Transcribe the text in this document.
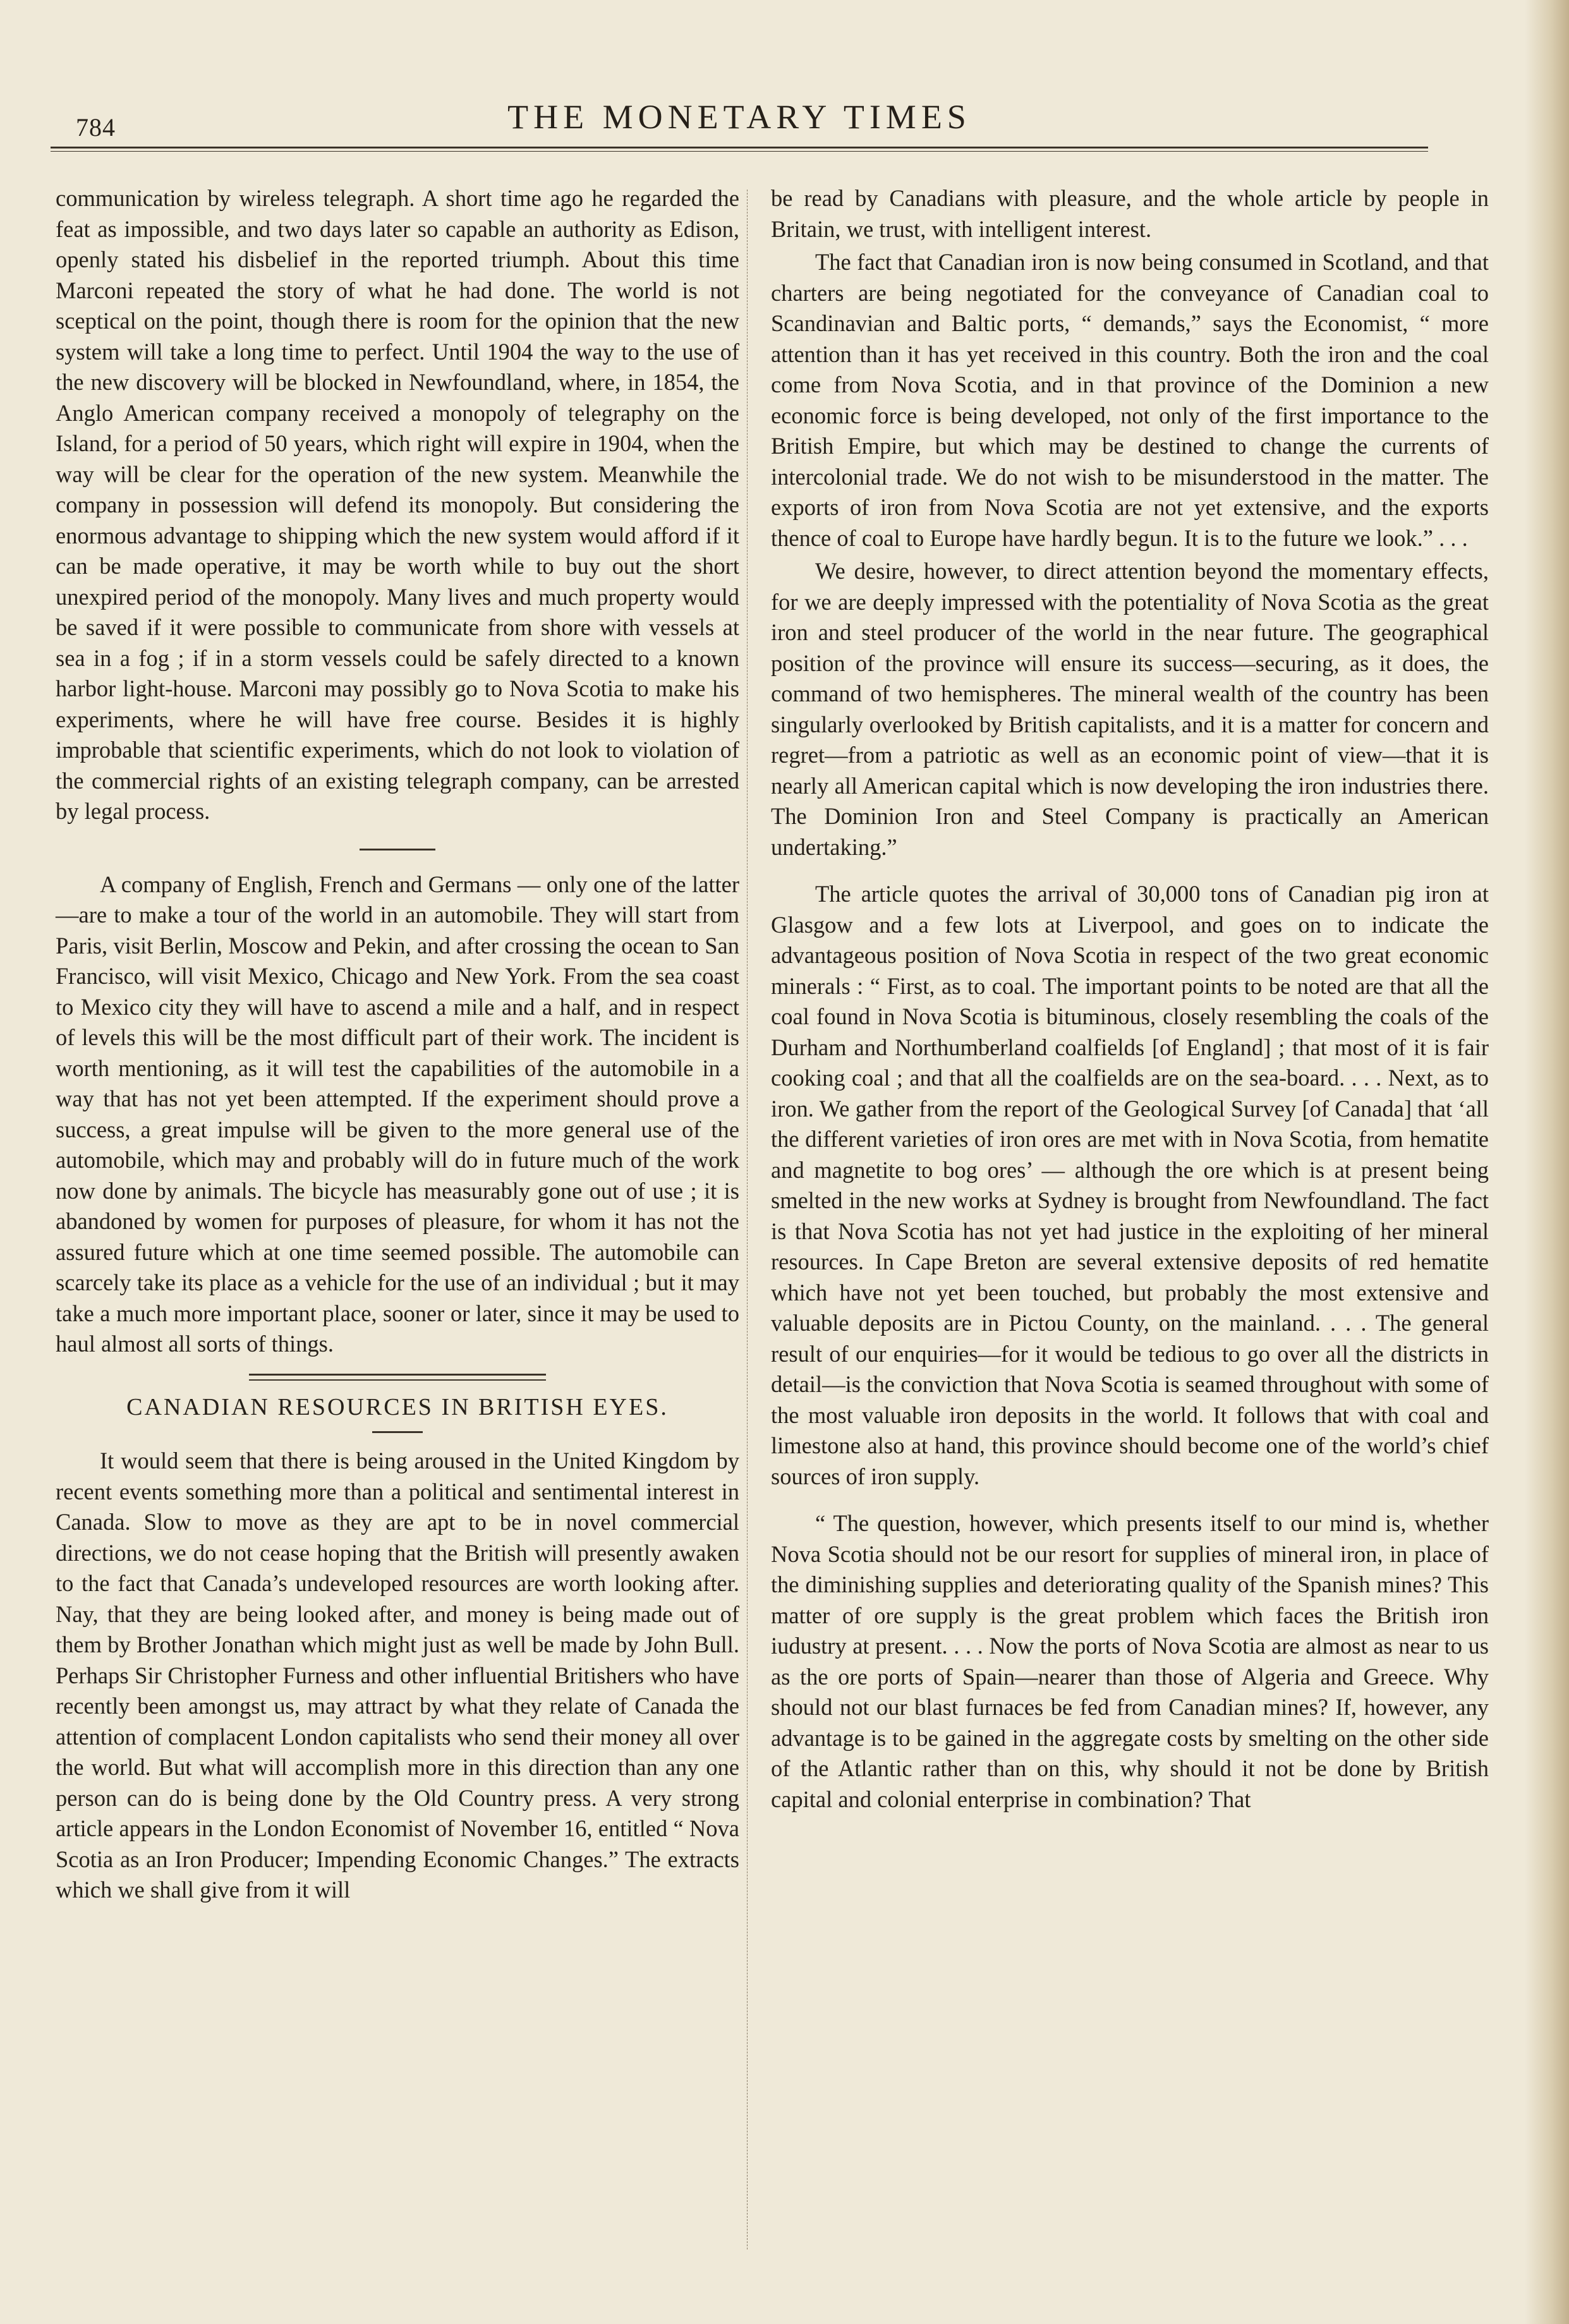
784	THE MONETARY TIMES

communication by wireless telegraph. A short time ago he regarded the feat as impossible, and two days later so capable an authority as Edison, openly stated his disbelief in the reported triumph. About this time Marconi repeated the story of what he had done. The world is not sceptical on the point, though there is room for the opinion that the new system will take a long time to perfect. Until 1904 the way to the use of the new discovery will be blocked in Newfoundland, where, in 1854, the Anglo American company received a monopoly of telegraphy on the Island, for a period of 50 years, which right will expire in 1904, when the way will be clear for the operation of the new system. Meanwhile the company in possession will defend its monopoly. But considering the enormous advantage to shipping which the new system would afford if it can be made operative, it may be worth while to buy out the short unexpired period of the monopoly. Many lives and much property would be saved if it were possible to communicate from shore with vessels at sea in a fog ; if in a storm vessels could be safely directed to a known harbor light-house. Marconi may possibly go to Nova Scotia to make his experiments, where he will have free course. Besides it is highly improbable that scientific experiments, which do not look to violation of the commercial rights of an existing telegraph company, can be arrested by legal process.

A company of English, French and Germans — only one of the latter—are to make a tour of the world in an automobile. They will start from Paris, visit Berlin, Moscow and Pekin, and after crossing the ocean to San Francisco, will visit Mexico, Chicago and New York. From the sea coast to Mexico city they will have to ascend a mile and a half, and in respect of levels this will be the most difficult part of their work. The incident is worth mentioning, as it will test the capabilities of the automobile in a way that has not yet been attempted. If the experiment should prove a success, a great impulse will be given to the more general use of the automobile, which may and probably will do in future much of the work now done by animals. The bicycle has measurably gone out of use ; it is abandoned by women for purposes of pleasure, for whom it has not the assured future which at one time seemed possible. The automobile can scarcely take its place as a vehicle for the use of an individual ; but it may take a much more important place, sooner or later, since it may be used to haul almost all sorts of things.

CANADIAN RESOURCES IN BRITISH EYES.

It would seem that there is being aroused in the United Kingdom by recent events something more than a political and sentimental interest in Canada. Slow to move as they are apt to be in novel commercial directions, we do not cease hoping that the British will presently awaken to the fact that Canada’s undeveloped resources are worth looking after. Nay, that they are being looked after, and money is being made out of them by Brother Jonathan which might just as well be made by John Bull. Perhaps Sir Christopher Furness and other influential Britishers who have recently been amongst us, may attract by what they relate of Canada the attention of complacent London capitalists who send their money all over the world. But what will accomplish more in this direction than any one person can do is being done by the Old Country press. A very strong article appears in the London Economist of November 16, entitled “ Nova Scotia as an Iron Producer; Impending Economic Changes.” The extracts which we shall give from it will

be read by Canadians with pleasure, and the whole article by people in Britain, we trust, with intelligent interest.

The fact that Canadian iron is now being consumed in Scotland, and that charters are being negotiated for the conveyance of Canadian coal to Scandinavian and Baltic ports, “ demands,” says the Economist, “ more attention than it has yet received in this country. Both the iron and the coal come from Nova Scotia, and in that province of the Dominion a new economic force is being developed, not only of the first importance to the British Empire, but which may be destined to change the currents of intercolonial trade. We do not wish to be misunderstood in the matter. The exports of iron from Nova Scotia are not yet extensive, and the exports thence of coal to Europe have hardly begun. It is to the future we look.” . . .

We desire, however, to direct attention beyond the momentary effects, for we are deeply impressed with the potentiality of Nova Scotia as the great iron and steel producer of the world in the near future. The geographical position of the province will ensure its success—securing, as it does, the command of two hemispheres. The mineral wealth of the country has been singularly overlooked by British capitalists, and it is a matter for concern and regret—from a patriotic as well as an economic point of view—that it is nearly all American capital which is now developing the iron industries there. The Dominion Iron and Steel Company is practically an American undertaking.”

The article quotes the arrival of 30,000 tons of Canadian pig iron at Glasgow and a few lots at Liverpool, and goes on to indicate the advantageous position of Nova Scotia in respect of the two great economic minerals : “ First, as to coal. The important points to be noted are that all the coal found in Nova Scotia is bituminous, closely resembling the coals of the Durham and Northumberland coalfields [of England] ; that most of it is fair cooking coal ; and that all the coalfields are on the sea-board. . . . Next, as to iron. We gather from the report of the Geological Survey [of Canada] that ‘all the different varieties of iron ores are met with in Nova Scotia, from hematite and magnetite to bog ores’ — although the ore which is at present being smelted in the new works at Sydney is brought from Newfoundland. The fact is that Nova Scotia has not yet had justice in the exploiting of her mineral resources. In Cape Breton are several extensive deposits of red hematite which have not yet been touched, but probably the most extensive and valuable deposits are in Pictou County, on the mainland. . . . The general result of our enquiries—for it would be tedious to go over all the districts in detail—is the conviction that Nova Scotia is seamed throughout with some of the most valuable iron deposits in the world. It follows that with coal and limestone also at hand, this province should become one of the world’s chief sources of iron supply.

“ The question, however, which presents itself to our mind is, whether Nova Scotia should not be our resort for supplies of mineral iron, in place of the diminishing supplies and deteriorating quality of the Spanish mines? This matter of ore supply is the great problem which faces the British iron iudustry at present. . . . Now the ports of Nova Scotia are almost as near to us as the ore ports of Spain—nearer than those of Algeria and Greece. Why should not our blast furnaces be fed from Canadian mines? If, however, any advantage is to be gained in the aggregate costs by smelting on the other side of the Atlantic rather than on this, why should it not be done by British capital and colonial enterprise in combination? That
